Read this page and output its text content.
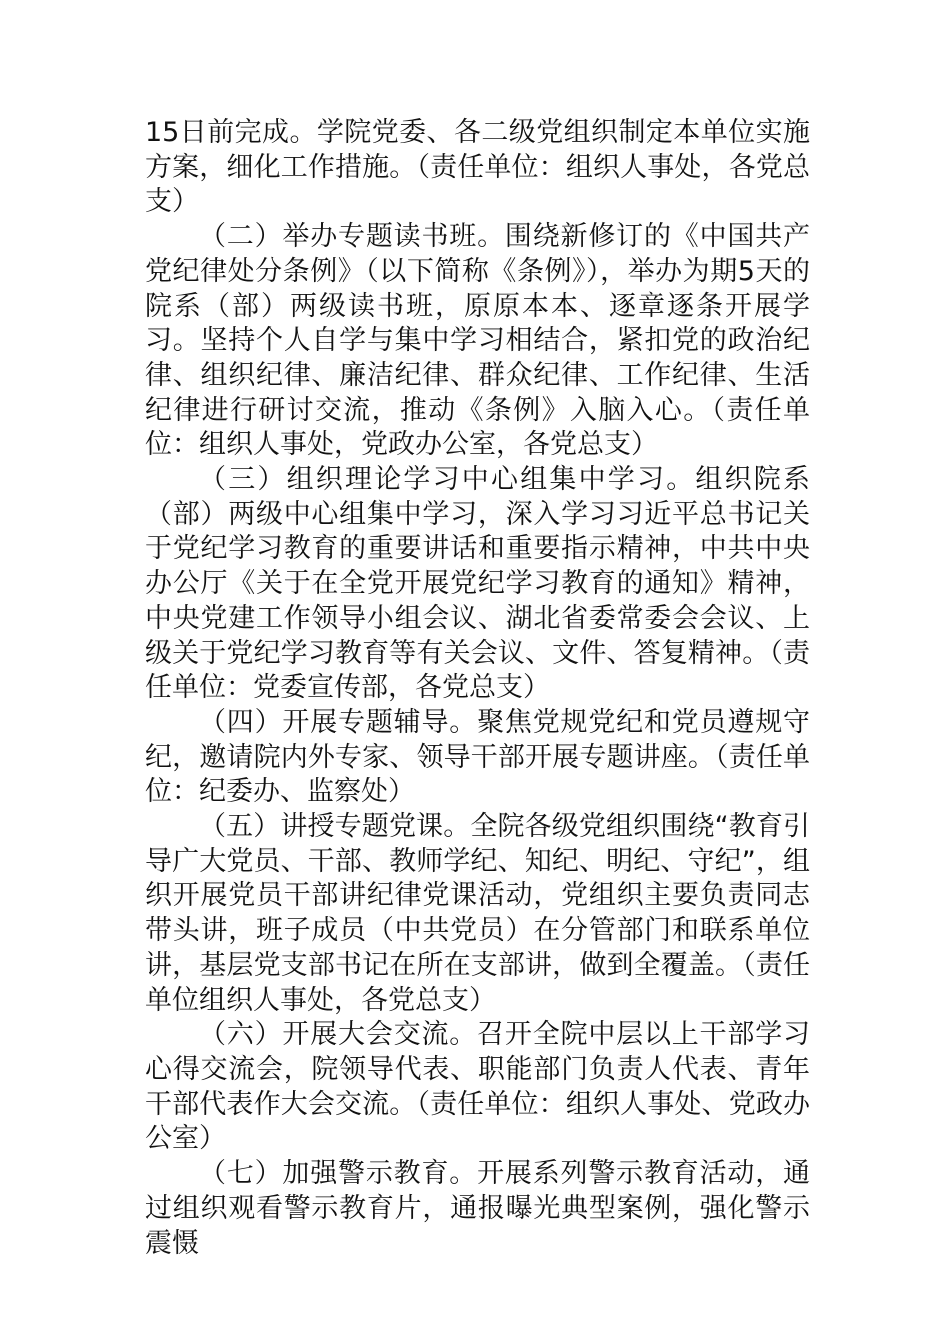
15日前完成。学院党委、各二级党组织制定本单位实施方案，细化工作措施。（责任单位：组织人事处，各党总支）

（二）举办专题读书班。围绕新修订的《中国共产党纪律处分条例》（以下简称《条例》），举办为期5天的院系（部）两级读书班，原原本本、逐章逐条开展学习。坚持个人自学与集中学习相结合，紧扣党的政治纪律、组织纪律、廉洁纪律、群众纪律、工作纪律、生活纪律进行研讨交流，推动《条例》入脑入心。（责任单位：组织人事处，党政办公室，各党总支）

（三）组织理论学习中心组集中学习。组织院系（部）两级中心组集中学习，深入学习习近平总书记关于党纪学习教育的重要讲话和重要指示精神，中共中央办公厅《关于在全党开展党纪学习教育的通知》精神，中央党建工作领导小组会议、湖北省委常委会会议、上级关于党纪学习教育等有关会议、文件、答复精神。（责任单位：党委宣传部，各党总支）

（四）开展专题辅导。聚焦党规党纪和党员遵规守纪，邀请院内外专家、领导干部开展专题讲座。（责任单位：纪委办、监察处）

（五）讲授专题党课。全院各级党组织围绕“教育引导广大党员、干部、教师学纪、知纪、明纪、守纪”，组织开展党员干部讲纪律党课活动，党组织主要负责同志带头讲，班子成员（中共党员）在分管部门和联系单位讲，基层党支部书记在所在支部讲，做到全覆盖。（责任单位组织人事处，各党总支）

（六）开展大会交流。召开全院中层以上干部学习心得交流会，院领导代表、职能部门负责人代表、青年干部代表作大会交流。（责任单位：组织人事处、党政办公室）

（七）加强警示教育。开展系列警示教育活动，通过组织观看警示教育片，通报曝光典型案例，强化警示震慑
